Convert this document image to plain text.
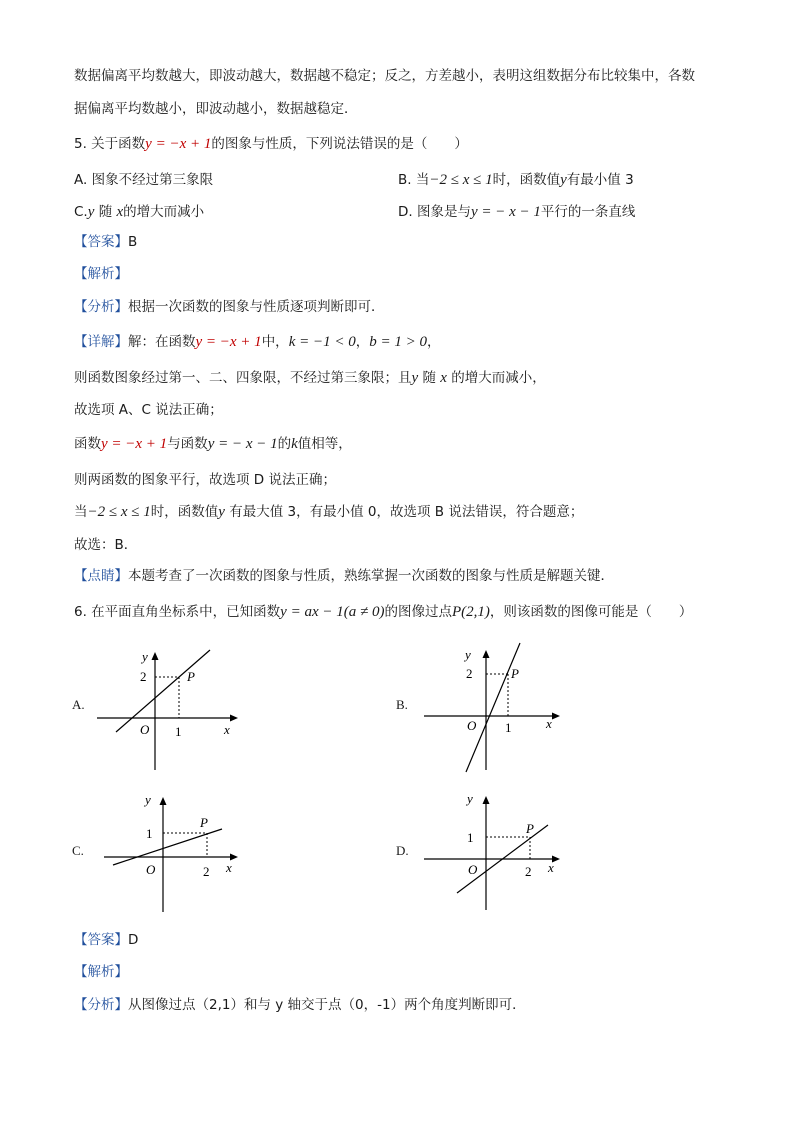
数据偏离平均数越大，即波动越大，数据越不稳定；反之，方差越小，表明这组数据分布比较集中，各数
据偏离平均数越小，即波动越小，数据越稳定．
5. 关于函数y = −x + 1的图象与性质，下列说法错误的是（　　）
A. 图象不经过第三象限	B. 当−2 ≤ x ≤ 1时，函数值y有最小值 3
C.y 随 x的增大而减小	D. 图象是与y = − x − 1平行的一条直线
【答案】B
【解析】
【分析】根据一次函数的图象与性质逐项判断即可．
【详解】解：在函数y = −x + 1中，k = −1 < 0，b = 1 > 0，
则函数图象经过第一、二、四象限，不经过第三象限；且y 随 x 的增大而减小，
故选项 A、C 说法正确；
函数y = −x + 1与函数y = − x − 1的k值相等，
则两函数的图象平行，故选项 D 说法正确；
当−2 ≤ x ≤ 1时，函数值y 有最大值 3，有最小值 0，故选项 B 说法错误，符合题意；
故选：B．
【点睛】本题考查了一次函数的图象与性质，熟练掌握一次函数的图象与性质是解题关键．
6. 在平面直角坐标系中，已知函数y = ax − 1(a ≠ 0)的图像过点P(2,1)，则该函数的图像可能是（　　）
A.
y
2	P
O 1	x
B.
y
2	P
O 1	x
C.
y
1
P
O	2 x
D.
y
1
P
O	2 x
【答案】D
【解析】
【分析】从图像过点（2,1）和与 y 轴交于点（0，-1）两个角度判断即可．
